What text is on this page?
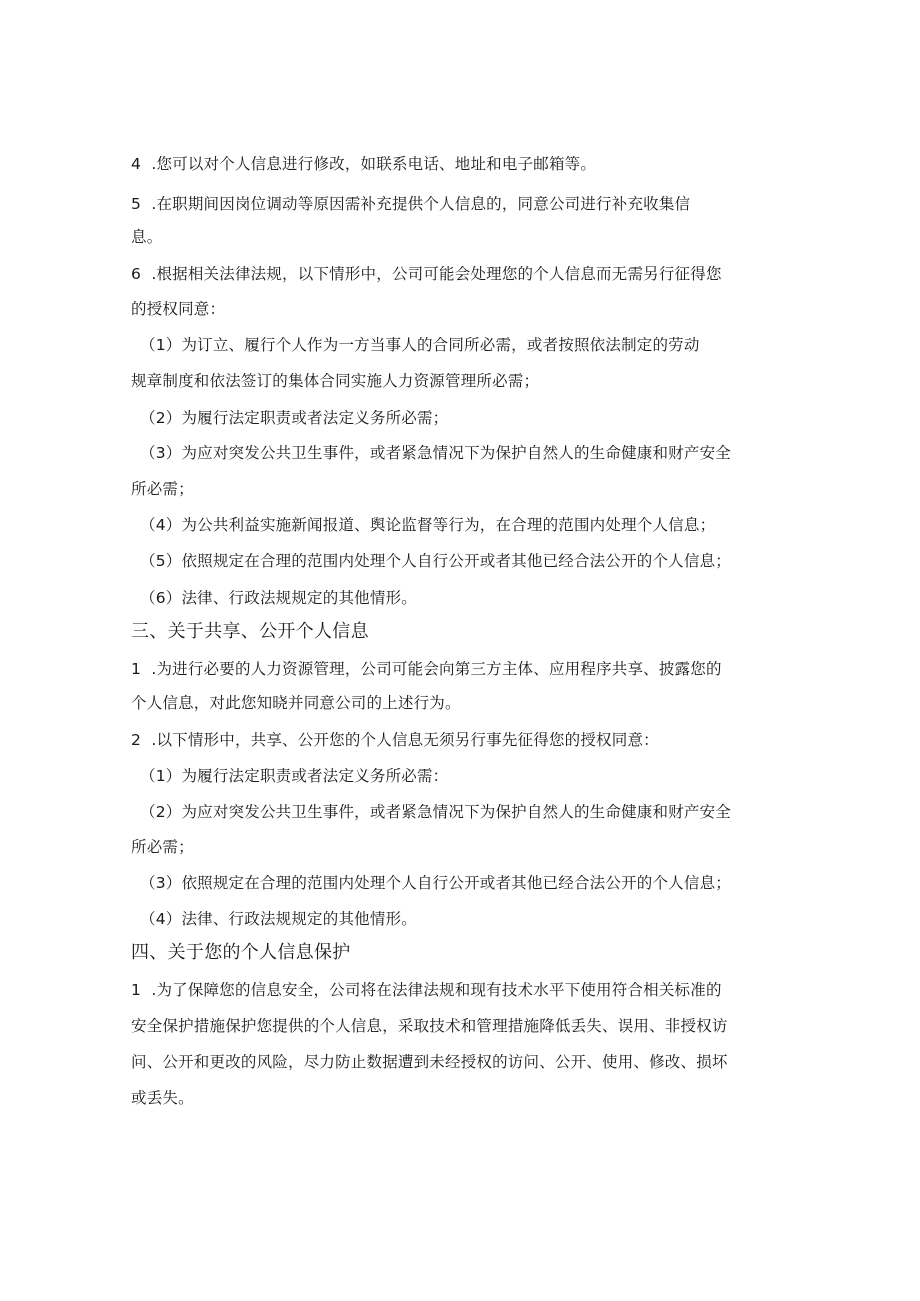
4  .您可以对个人信息进行修改，如联系电话、地址和电子邮箱等。

5  .在职期间因岗位调动等原因需补充提供个人信息的，同意公司进行补充收集信

息。

6  .根据相关法律法规，以下情形中，公司可能会处理您的个人信息而无需另行征得您

的授权同意：

（1）为订立、履行个人作为一方当事人的合同所必需，或者按照依法制定的劳动

规章制度和依法签订的集体合同实施人力资源管理所必需；

（2）为履行法定职责或者法定义务所必需；

（3）为应对突发公共卫生事件，或者紧急情况下为保护自然人的生命健康和财产安全

所必需；

（4）为公共利益实施新闻报道、舆论监督等行为，在合理的范围内处理个人信息；

（5）依照规定在合理的范围内处理个人自行公开或者其他已经合法公开的个人信息；

（6）法律、行政法规规定的其他情形。

三、关于共享、公开个人信息

1  .为进行必要的人力资源管理，公司可能会向第三方主体、应用程序共享、披露您的

个人信息，对此您知晓并同意公司的上述行为。

2  .以下情形中，共享、公开您的个人信息无须另行事先征得您的授权同意：

（1）为履行法定职责或者法定义务所必需：

（2）为应对突发公共卫生事件，或者紧急情况下为保护自然人的生命健康和财产安全

所必需；

（3）依照规定在合理的范围内处理个人自行公开或者其他已经合法公开的个人信息；

（4）法律、行政法规规定的其他情形。

四、关于您的个人信息保护

1  .为了保障您的信息安全，公司将在法律法规和现有技术水平下使用符合相关标准的

安全保护措施保护您提供的个人信息，采取技术和管理措施降低丢失、误用、非授权访

问、公开和更改的风险，尽力防止数据遭到未经授权的访问、公开、使用、修改、损坏

或丢失。
